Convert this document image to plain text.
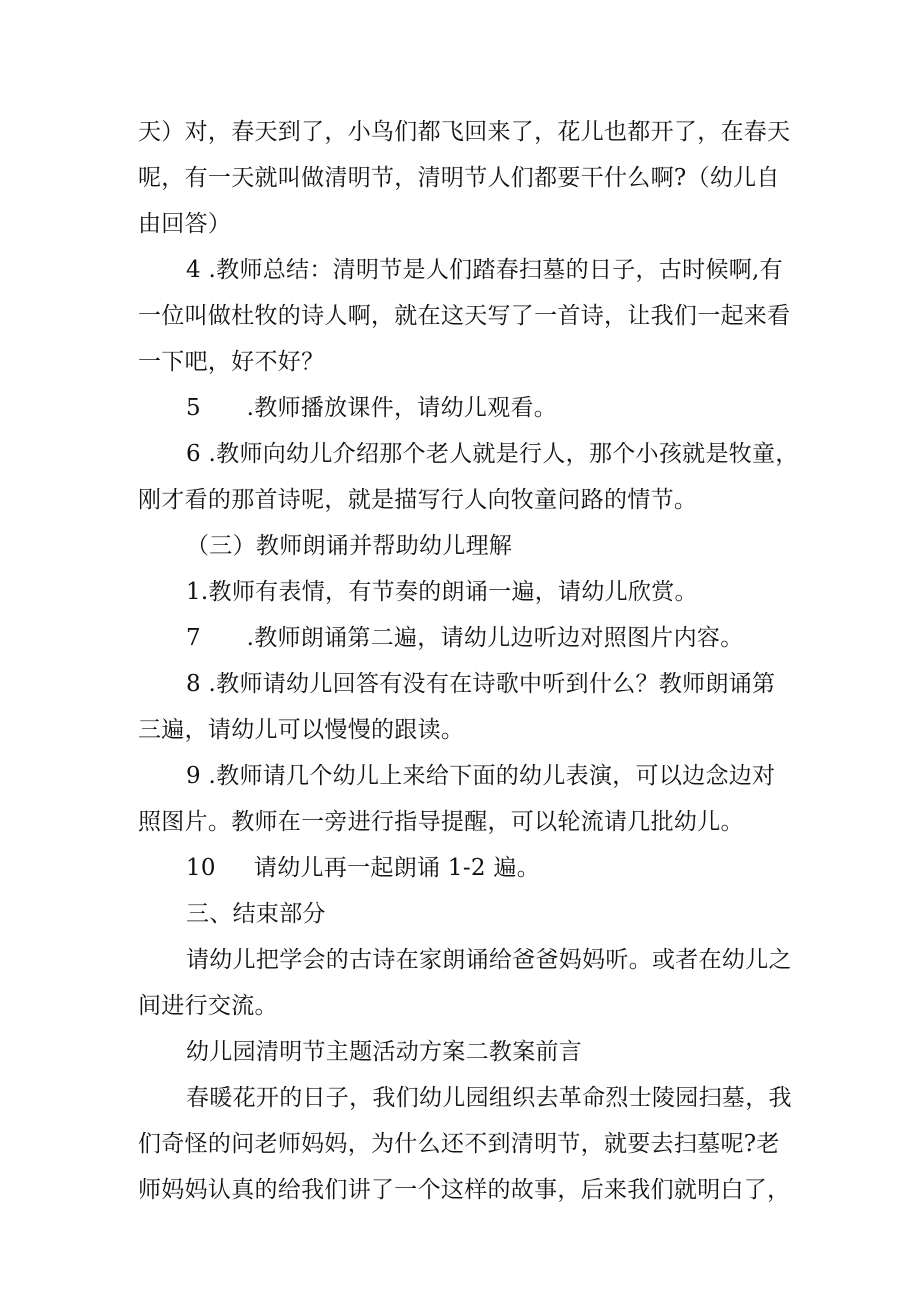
天）对，春天到了，小鸟们都飞回来了，花儿也都开了，在春天
呢，有一天就叫做清明节，清明节人们都要干什么啊?（幼儿自
由回答）
4 .教师总结：清明节是人们踏春扫墓的日子，古时候啊,有
一位叫做杜牧的诗人啊，就在这天写了一首诗，让我们一起来看
一下吧，好不好？
5      .教师播放课件，请幼儿观看。
6 .教师向幼儿介绍那个老人就是行人，那个小孩就是牧童，
刚才看的那首诗呢，就是描写行人向牧童问路的情节。
（三）教师朗诵并帮助幼儿理解
1.教师有表情，有节奏的朗诵一遍，请幼儿欣赏。
7      .教师朗诵第二遍，请幼儿边听边对照图片内容。
8 .教师请幼儿回答有没有在诗歌中听到什么？教师朗诵第
三遍，请幼儿可以慢慢的跟读。
9 .教师请几个幼儿上来给下面的幼儿表演，可以边念边对
照图片。教师在一旁进行指导提醒，可以轮流请几批幼儿。
10     请幼儿再一起朗诵 1-2 遍。
三、结束部分
请幼儿把学会的古诗在家朗诵给爸爸妈妈听。或者在幼儿之
间进行交流。
幼儿园清明节主题活动方案二教案前言
春暖花开的日子，我们幼儿园组织去革命烈士陵园扫墓，我
们奇怪的问老师妈妈，为什么还不到清明节，就要去扫墓呢?老
师妈妈认真的给我们讲了一个这样的故事，后来我们就明白了，
